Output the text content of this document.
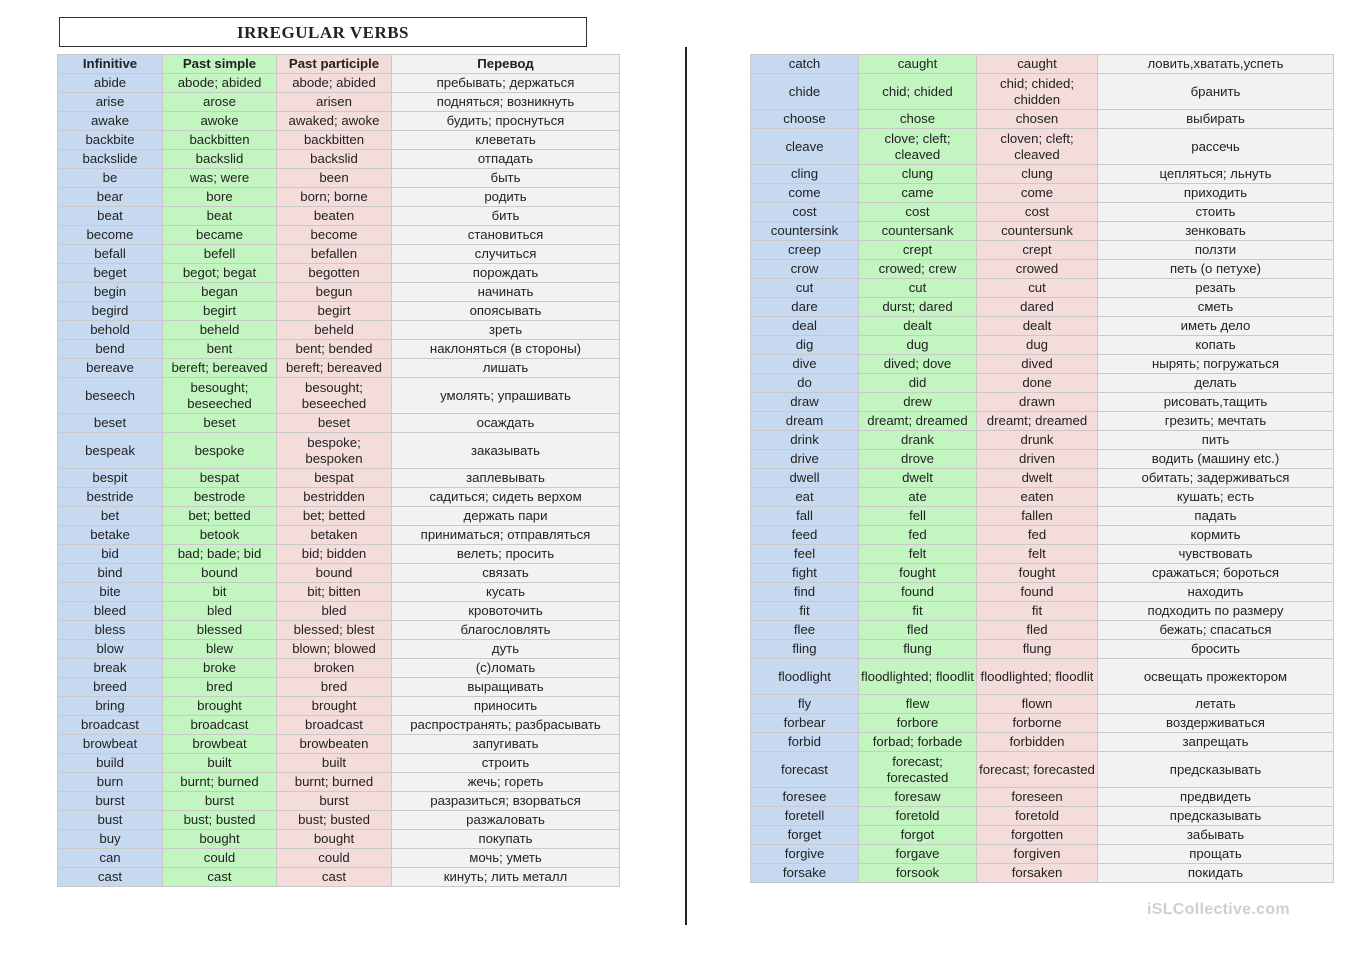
IRREGULAR VERBS
Infinitive	Past simple	Past participle	Перевод
abide	abode; abided	abode; abided	пребывать; держаться
arise	arose	arisen	подняться; возникнуть
awake	awoke	awaked; awoke	будить; проснуться
backbite	backbitten	backbitten	клеветать
backslide	backslid	backslid	отпадать
be	was; were	been	быть
bear	bore	born; borne	родить
beat	beat	beaten	бить
become	became	become	становиться
befall	befell	befallen	случиться
beget	begot; begat	begotten	порождать
begin	began	begun	начинать
begird	begirt	begirt	опоясывать
behold	beheld	beheld	зреть
bend	bent	bent; bended	наклоняться (в стороны)
bereave	bereft; bereaved	bereft; bereaved	лишать
beseech	besought; beseeched	besought; beseeched	умолять; упрашивать
beset	beset	beset	осаждать
bespeak	bespoke	bespoke; bespoken	заказывать
bespit	bespat	bespat	заплевывать
bestride	bestrode	bestridden	садиться; сидеть верхом
bet	bet; betted	bet; betted	держать пари
betake	betook	betaken	приниматься; отправляться
bid	bad; bade; bid	bid; bidden	велеть; просить
bind	bound	bound	связать
bite	bit	bit; bitten	кусать
bleed	bled	bled	кровоточить
bless	blessed	blessed; blest	благословлять
blow	blew	blown; blowed	дуть
break	broke	broken	(с)ломать
breed	bred	bred	выращивать
bring	brought	brought	приносить
broadcast	broadcast	broadcast	распространять; разбрасывать
browbeat	browbeat	browbeaten	запугивать
build	built	built	строить
burn	burnt; burned	burnt; burned	жечь; гореть
burst	burst	burst	разразиться; взорваться
bust	bust; busted	bust; busted	разжаловать
buy	bought	bought	покупать
can	could	could	мочь; уметь
cast	cast	cast	кинуть; лить металл
catch	caught	caught	ловить,хватать,успеть
chide	chid; chided	chid; chided; chidden	бранить
choose	chose	chosen	выбирать
cleave	clove; cleft; cleaved	cloven; cleft; cleaved	рассечь
cling	clung	clung	цепляться; льнуть
come	came	come	приходить
cost	cost	cost	стоить
countersink	countersank	countersunk	зенковать
creep	crept	crept	ползти
crow	crowed; crew	crowed	петь (о петухе)
cut	cut	cut	резать
dare	durst; dared	dared	сметь
deal	dealt	dealt	иметь дело
dig	dug	dug	копать
dive	dived; dove	dived	нырять; погружаться
do	did	done	делать
draw	drew	drawn	рисовать,тащить
dream	dreamt; dreamed	dreamt; dreamed	грезить; мечтать
drink	drank	drunk	пить
drive	drove	driven	водить (машину etc.)
dwell	dwelt	dwelt	обитать; задерживаться
eat	ate	eaten	кушать; есть
fall	fell	fallen	падать
feed	fed	fed	кормить
feel	felt	felt	чувствовать
fight	fought	fought	сражаться; бороться
find	found	found	находить
fit	fit	fit	подходить по размеру
flee	fled	fled	бежать; спасаться
fling	flung	flung	бросить
floodlight	floodlighted; floodlit	floodlighted; floodlit	освещать прожектором
fly	flew	flown	летать
forbear	forbore	forborne	воздерживаться
forbid	forbad; forbade	forbidden	запрещать
forecast	forecast; forecasted	forecast; forecasted	предсказывать
foresee	foresaw	foreseen	предвидеть
foretell	foretold	foretold	предсказывать
forget	forgot	forgotten	забывать
forgive	forgave	forgiven	прощать
forsake	forsook	forsaken	покидать
iSLCollective.com
